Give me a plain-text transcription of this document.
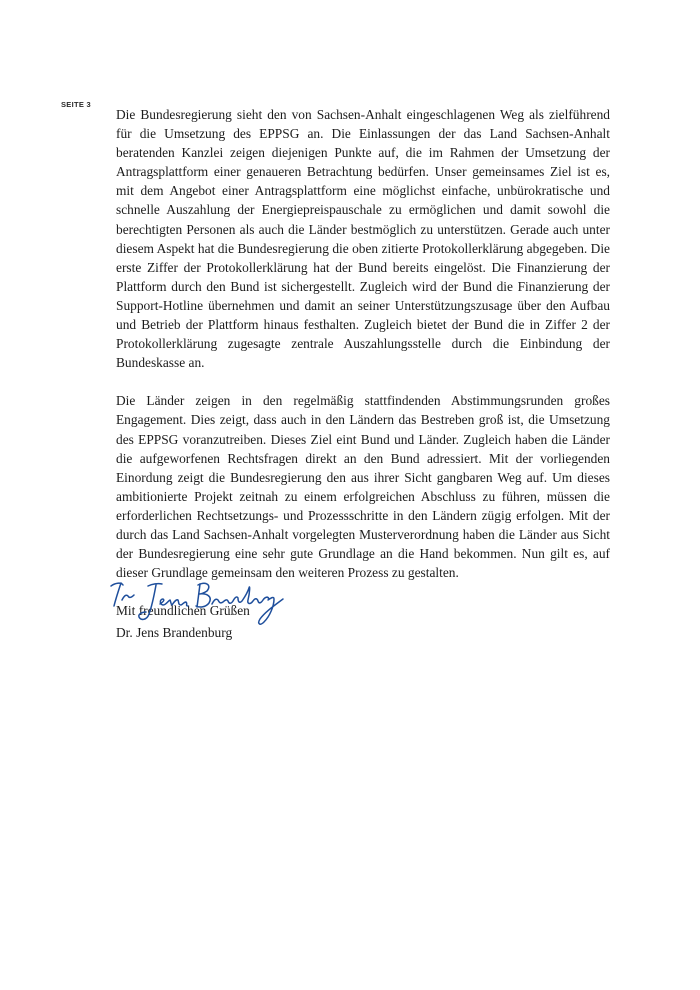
SEITE 3

Die Bundesregierung sieht den von Sachsen-Anhalt eingeschlagenen Weg als zielführend für die Umsetzung des EPPSG an. Die Einlassungen der das Land Sachsen-Anhalt beratenden Kanzlei zeigen diejenigen Punkte auf, die im Rahmen der Umsetzung der Antragsplattform einer genaueren Betrachtung bedürfen. Unser gemeinsames Ziel ist es, mit dem Angebot einer Antragsplattform eine möglichst einfache, unbürokratische und schnelle Auszahlung der Energiepreispauschale zu ermöglichen und damit sowohl die berechtigten Personen als auch die Länder bestmöglich zu unterstützen. Gerade auch unter diesem Aspekt hat die Bundesregierung die oben zitierte Protokollerklärung abgegeben. Die erste Ziffer der Protokollerklärung hat der Bund bereits eingelöst. Die Finanzierung der Plattform durch den Bund ist sichergestellt. Zugleich wird der Bund die Finanzierung der Support-Hotline übernehmen und damit an seiner Unterstützungszusage über den Aufbau und Betrieb der Plattform hinaus festhalten. Zugleich bietet der Bund die in Ziffer 2 der Protokollerklärung zugesagte zentrale Auszahlungsstelle durch die Einbindung der Bundeskasse an.

Die Länder zeigen in den regelmäßig stattfindenden Abstimmungsrunden großes Engagement. Dies zeigt, dass auch in den Ländern das Bestreben groß ist, die Umsetzung des EPPSG voranzutreiben. Dieses Ziel eint Bund und Länder. Zugleich haben die Länder die aufgeworfenen Rechtsfragen direkt an den Bund adressiert. Mit der vorliegenden Einordung zeigt die Bundesregierung den aus ihrer Sicht gangbaren Weg auf. Um dieses ambitionierte Projekt zeitnah zu einem erfolgreichen Abschluss zu führen, müssen die erforderlichen Rechtsetzungs- und Prozessschritte in den Ländern zügig erfolgen. Mit der durch das Land Sachsen-Anhalt vorgelegten Musterverordnung haben die Länder aus Sicht der Bundesregierung eine sehr gute Grundlage an die Hand bekommen. Nun gilt es, auf dieser Grundlage gemeinsam den weiteren Prozess zu gestalten.

Mit freundlichen Grüßen

Dr. Jens Brandenburg
